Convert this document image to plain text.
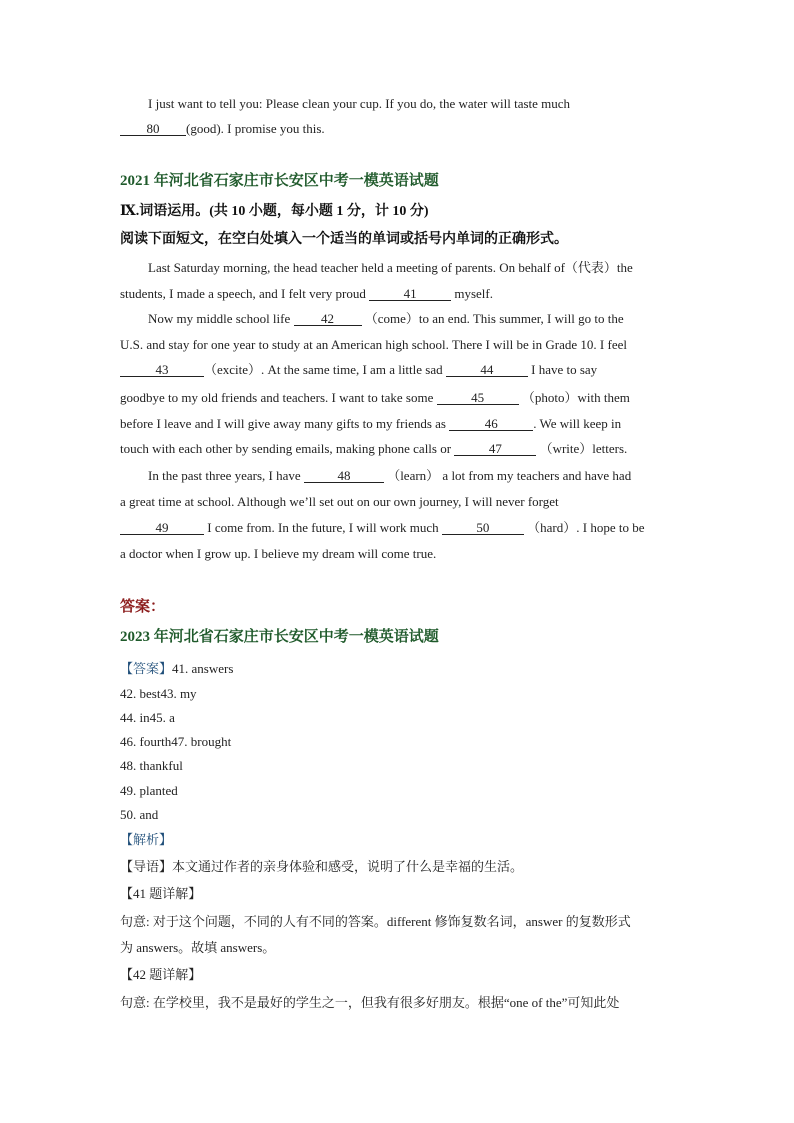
I just want to tell you: Please clean your cup. If you do, the water will taste much
80 (good). I promise you this.
2021 年河北省石家庄市长安区中考一模英语试题
Ⅸ.词语运用。(共 10 小题，每小题 1 分，计 10 分)
阅读下面短文，在空白处填入一个适当的单词或括号内单词的正确形式。
Last Saturday morning, the head teacher held a meeting of parents. On behalf of（代表）the
students, I made a speech, and I felt very proud	41	myself.
Now my middle school life 42 （come）to an end. This summer, I will go to the
U.S. and stay for one year to study at an American high school. There I will be in Grade 10. I feel
43	（excite）. At the same time, I am a little sad	44	I have to say
goodbye to my old friends and teachers. I want to take some	45	（photo）with them
before I leave and I will give away many gifts to my friends as	46	. We will keep in
touch with each other by sending emails, making phone calls or	47	（write）letters.
In the past three years, I have	48	（learn） a lot from my teachers and have had
a great time at school. Although we’ll set out on our own journey, I will never forget
49	I come from. In the future, I will work much	50	（hard）. I hope to be
a doctor when I grow up. I believe my dream will come true.
答案：
2023 年河北省石家庄市长安区中考一模英语试题
【答案】41. answers
42. best43. my
44. in45. a
46. fourth47. brought
48. thankful
49. planted
50. and
【解析】
【导语】本文通过作者的亲身体验和感受，说明了什么是幸福的生活。
【41 题详解】
句意: 对于这个问题，不同的人有不同的答案。different 修饰复数名词，answer 的复数形式
为 answers。故填 answers。
【42 题详解】
句意: 在学校里，我不是最好的学生之一，但我有很多好朋友。根据“one of the”可知此处
